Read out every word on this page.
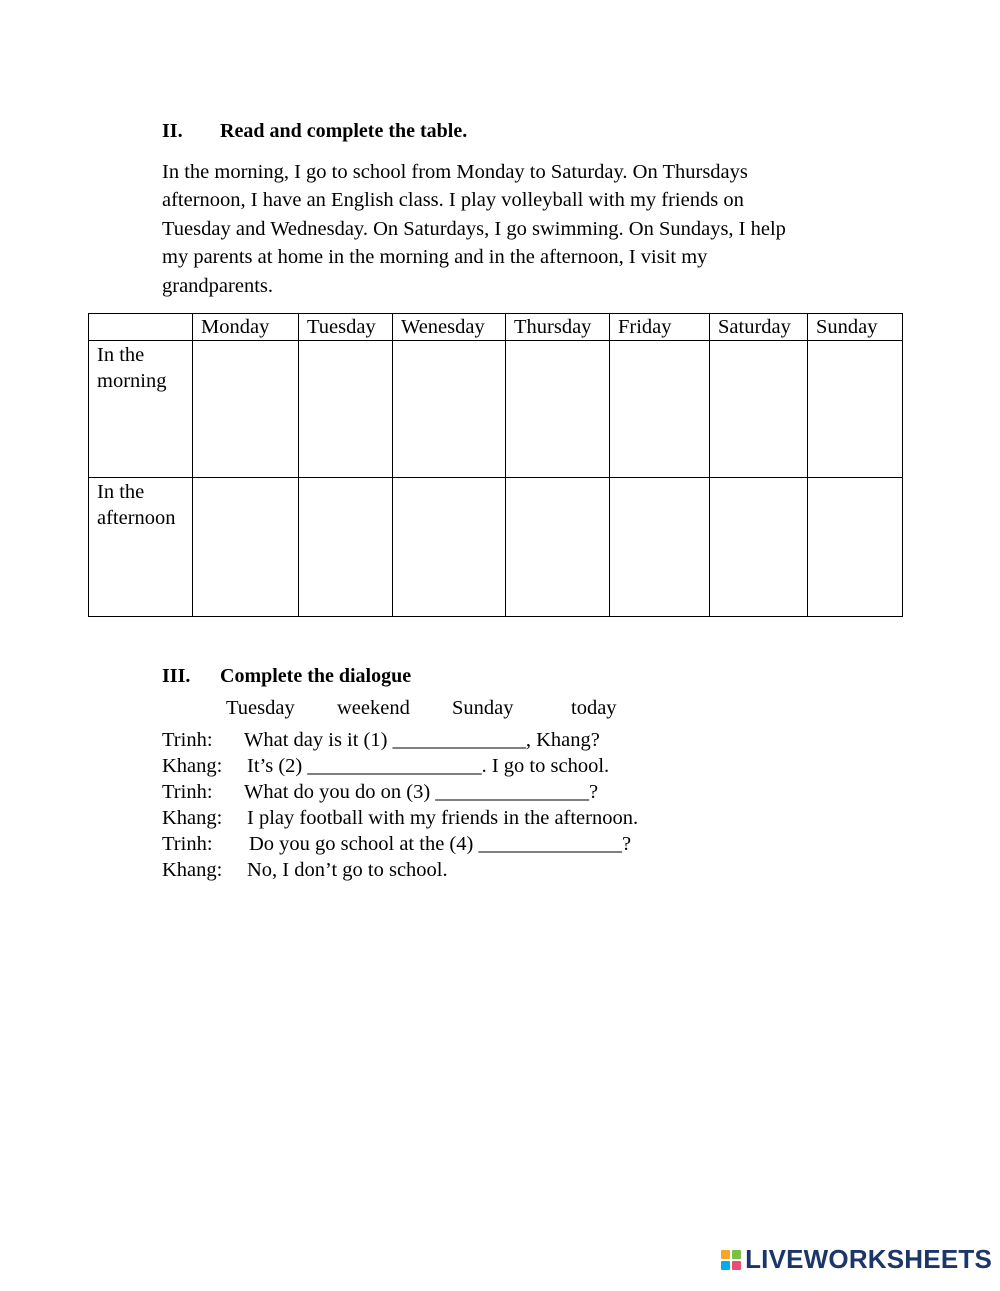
II. Read and complete the table.
In the morning, I go to school from Monday to Saturday. On Thursdays
afternoon, I have an English class. I play volleyball with my friends on
Tuesday and Wednesday. On Saturdays, I go swimming. On Sundays, I help
my parents at home in the morning and in the afternoon, I visit my
grandparents.
	Monday	Tuesday	Wenesday	Thursday	Friday	Saturday	Sunday

In the
morning							

In the
afternoon							

III. Complete the dialogue
Tuesday weekend Sunday	today
Trinh: What day is it (1) _____________, Khang?
Khang: It’s (2) _________________. I go to school.
Trinh: What do you do on (3) _______________?
Khang: I play football with my friends in the afternoon.
Trinh: Do you go school at the (4) ______________?
Khang: No, I don’t go to school.
LIVEWORKSHEETS
